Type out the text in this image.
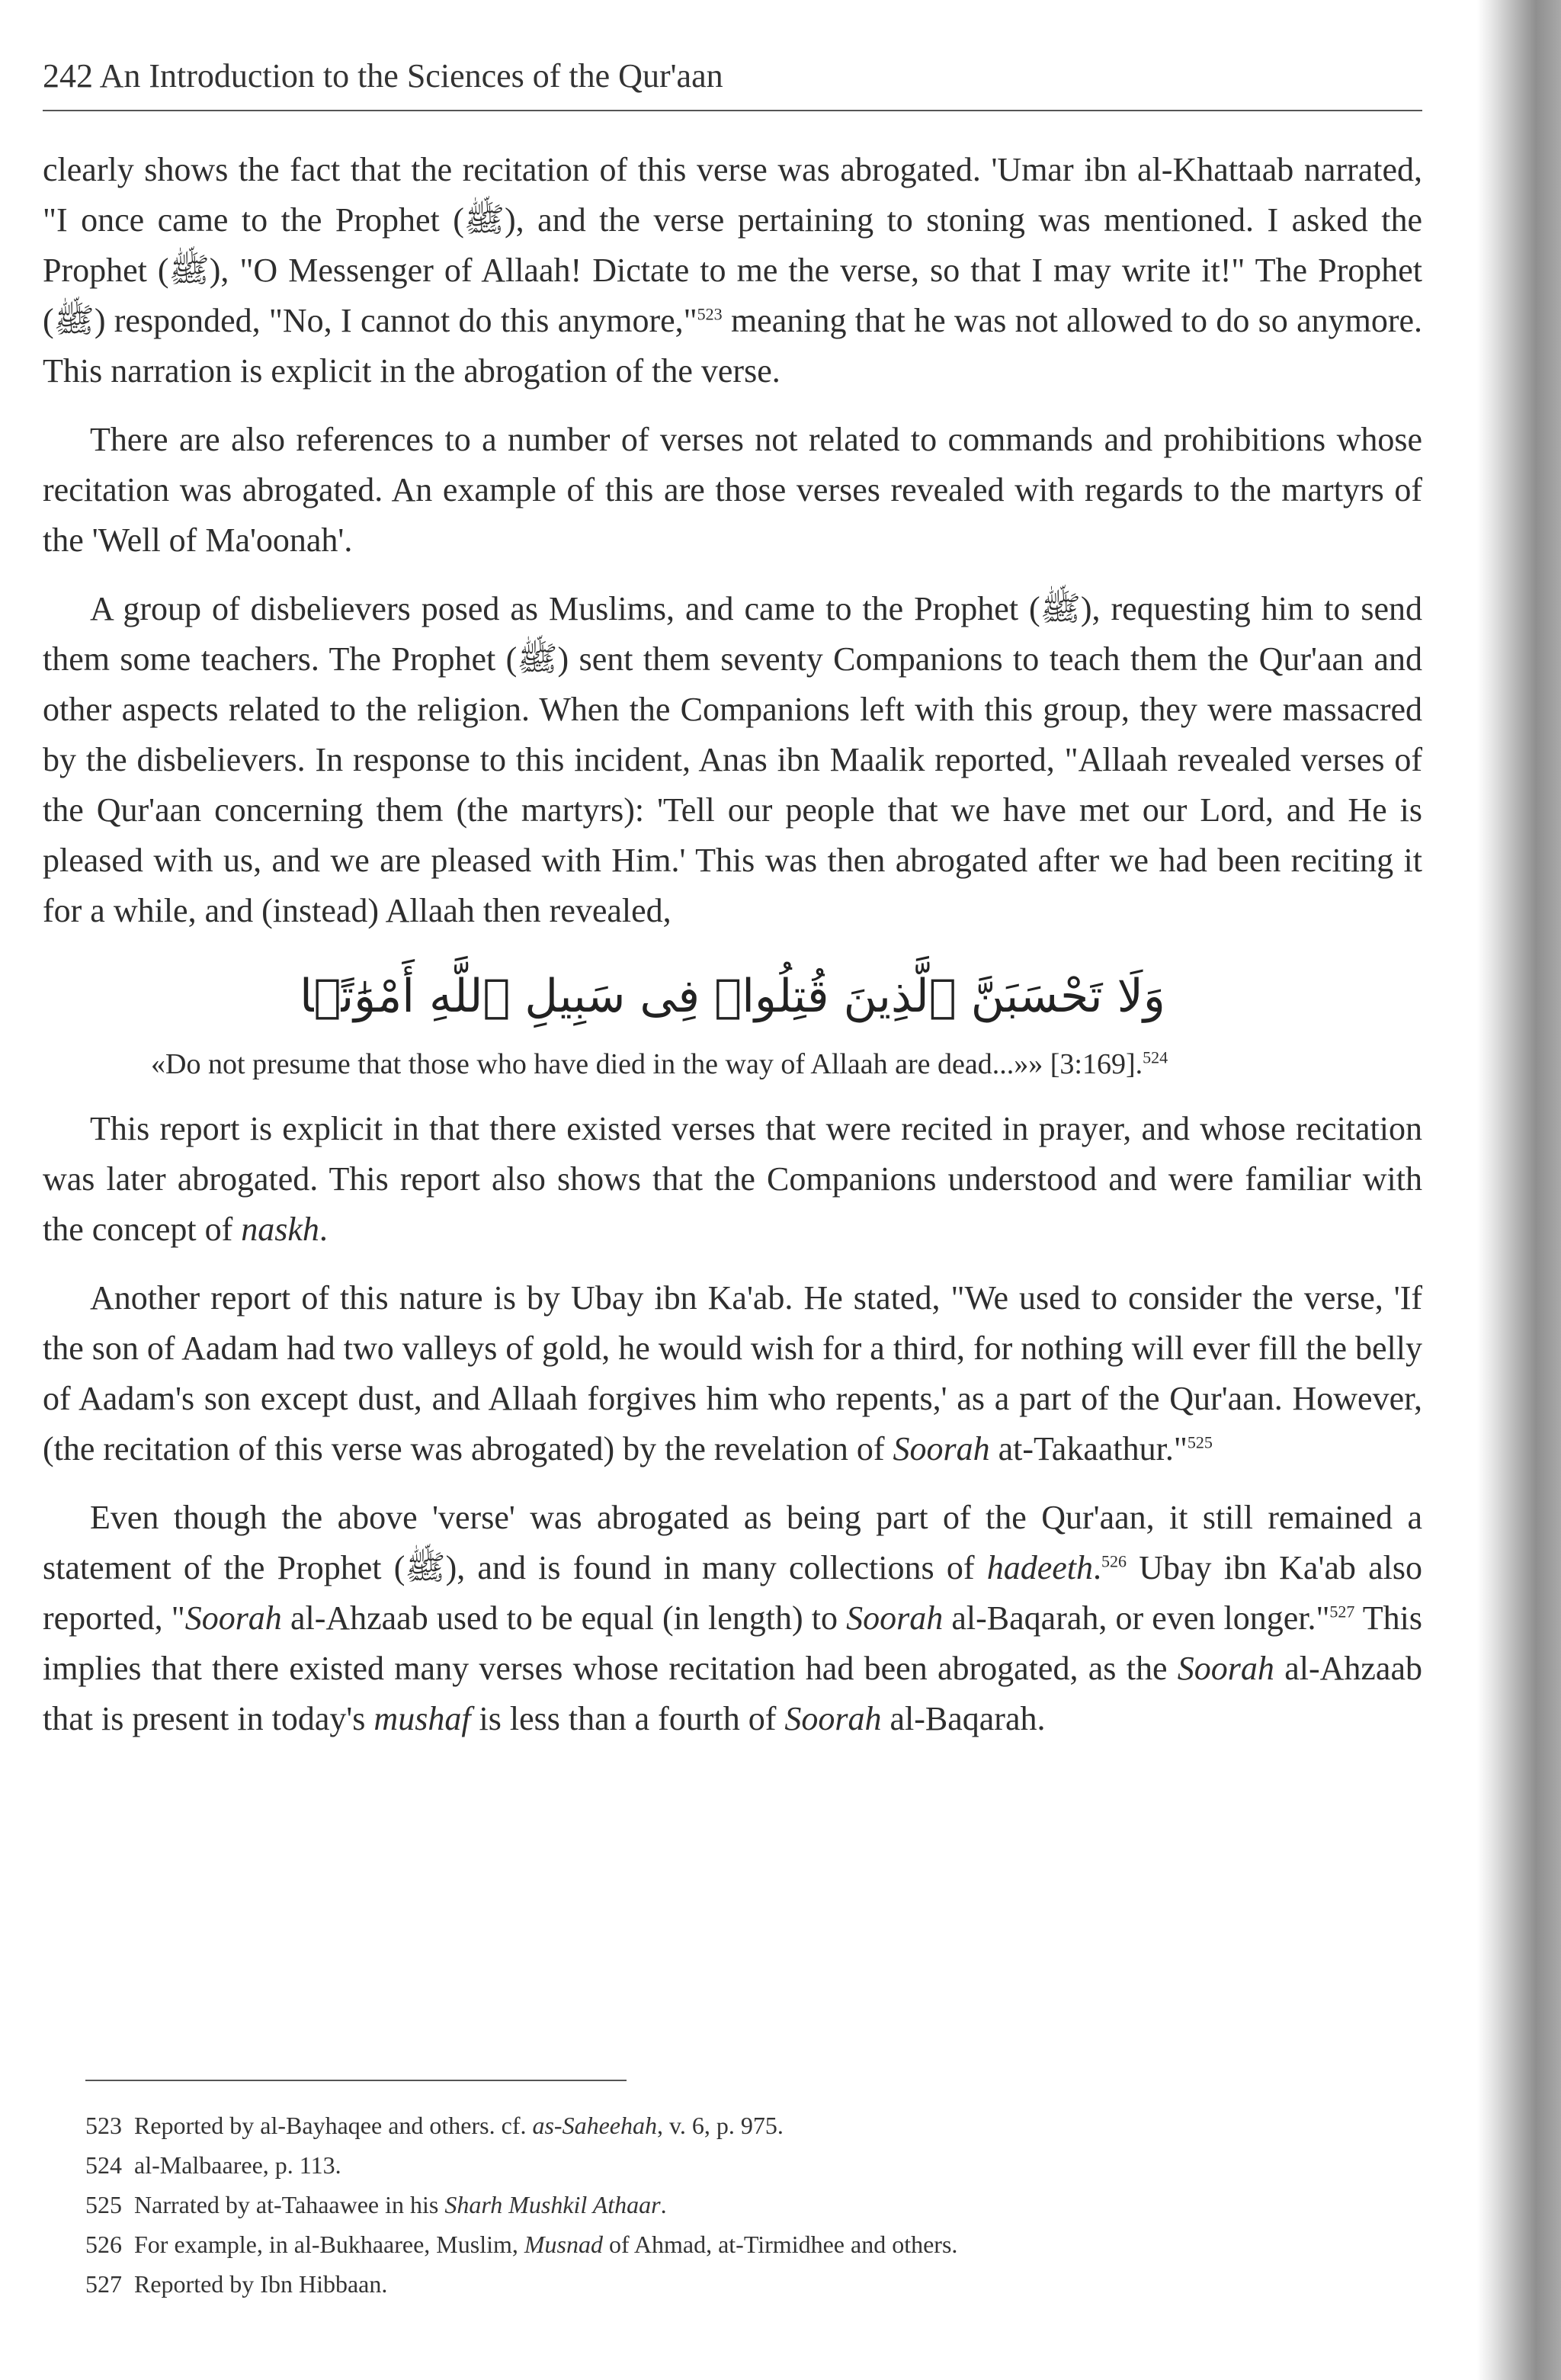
242 An Introduction to the Sciences of the Qur'aan

clearly shows the fact that the recitation of this verse was abrogated. 'Umar ibn al-Khattaab narrated, "I once came to the Prophet (ﷺ), and the verse pertaining to stoning was mentioned. I asked the Prophet (ﷺ), "O Messenger of Allaah! Dictate to me the verse, so that I may write it!" The Prophet (ﷺ) responded, "No, I cannot do this anymore,"$^{523}$ meaning that he was not allowed to do so anymore. This narration is explicit in the abrogation of the verse.

There are also references to a number of verses not related to commands and prohibitions whose recitation was abrogated. An example of this are those verses revealed with regards to the martyrs of the 'Well of Ma'oonah'.

A group of disbelievers posed as Muslims, and came to the Prophet (ﷺ), requesting him to send them some teachers. The Prophet (ﷺ) sent them seventy Companions to teach them the Qur'aan and other aspects related to the religion. When the Companions left with this group, they were massacred by the disbelievers. In response to this incident, Anas ibn Maalik reported, "Allaah revealed verses of the Qur'aan concerning them (the martyrs): 'Tell our people that we have met our Lord, and He is pleased with us, and we are pleased with Him.' This was then abrogated after we had been reciting it for a while, and (instead) Allaah then revealed,

وَلَا تَحْسَبَنَّ ٱلَّذِينَ قُتِلُوا۟ فِى سَبِيلِ ٱللَّهِ أَمْوَٰتًۢا

«Do not presume that those who have died in the way of Allaah are dead...»» [3:169].$^{524}$

This report is explicit in that there existed verses that were recited in prayer, and whose recitation was later abrogated. This report also shows that the Companions understood and were familiar with the concept of naskh.

Another report of this nature is by Ubay ibn Ka'ab. He stated, "We used to consider the verse, 'If the son of Aadam had two valleys of gold, he would wish for a third, for nothing will ever fill the belly of Aadam's son except dust, and Allaah forgives him who repents,' as a part of the Qur'aan. However, (the recitation of this verse was abrogated) by the revelation of Soorah at-Takaathur."$^{525}$

Even though the above 'verse' was abrogated as being part of the Qur'aan, it still remained a statement of the Prophet (ﷺ), and is found in many collections of hadeeth.$^{526}$ Ubay ibn Ka'ab also reported, "Soorah al-Ahzaab used to be equal (in length) to Soorah al-Baqarah, or even longer."$^{527}$ This implies that there existed many verses whose recitation had been abrogated, as the Soorah al-Ahzaab that is present in today's mushaf is less than a fourth of Soorah al-Baqarah.

523 Reported by al-Bayhaqee and others. cf. as-Saheehah, v. 6, p. 975.
524 al-Malbaaree, p. 113.
525 Narrated by at-Tahaawee in his Sharh Mushkil Athaar.
526 For example, in al-Bukhaaree, Muslim, Musnad of Ahmad, at-Tirmidhee and others.
527 Reported by Ibn Hibbaan.
